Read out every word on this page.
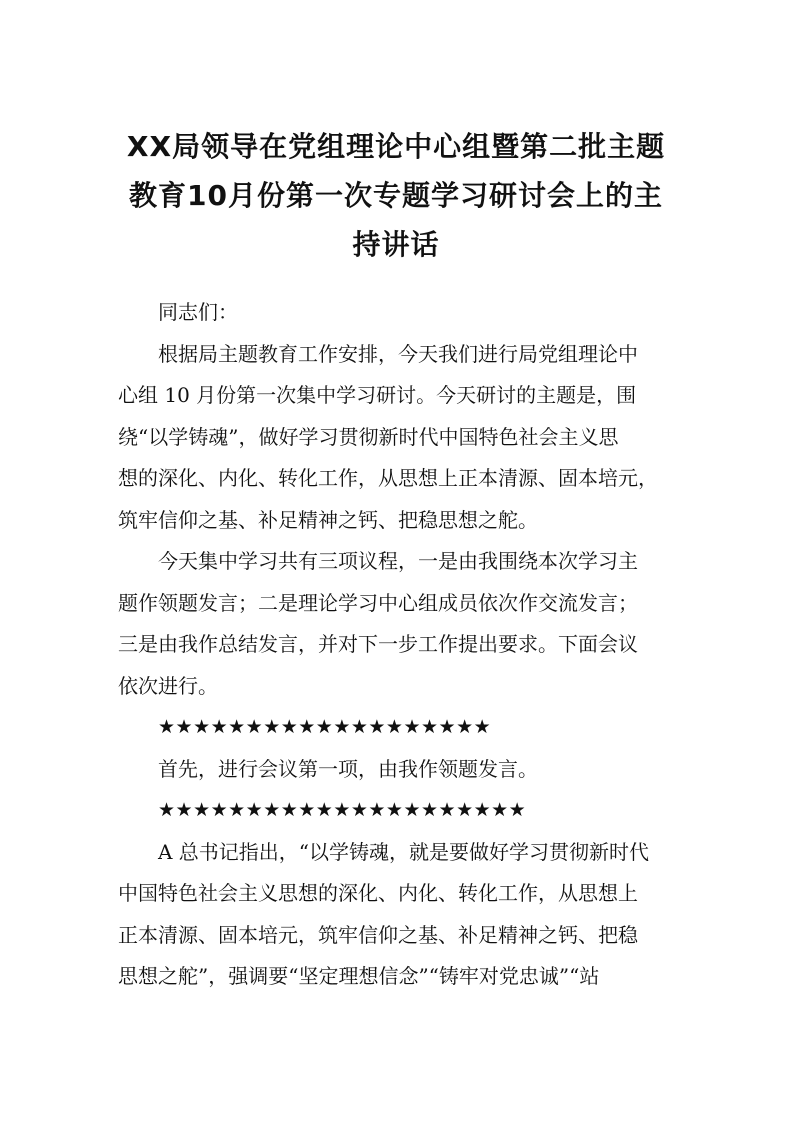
XX局领导在党组理论中心组暨第二批主题
教育10月份第一次专题学习研讨会上的主
持讲话

同志们：

根据局主题教育工作安排，今天我们进行局党组理论中
心组 10 月份第一次集中学习研讨。今天研讨的主题是，围
绕“以学铸魂”，做好学习贯彻新时代中国特色社会主义思
想的深化、内化、转化工作，从思想上正本清源、固本培元，
筑牢信仰之基、补足精神之钙、把稳思想之舵。
今天集中学习共有三项议程，一是由我围绕本次学习主
题作领题发言；二是理论学习中心组成员依次作交流发言；
三是由我作总结发言，并对下一步工作提出要求。下面会议
依次进行。

★★★★★★★★★★★★★★★★★★★

首先，进行会议第一项，由我作领题发言。

★★★★★★★★★★★★★★★★★★★★★

A 总书记指出，“以学铸魂，就是要做好学习贯彻新时代
中国特色社会主义思想的深化、内化、转化工作，从思想上
正本清源、固本培元，筑牢信仰之基、补足精神之钙、把稳
思想之舵”，强调要“坚定理想信念”“铸牢对党忠诚”“站
